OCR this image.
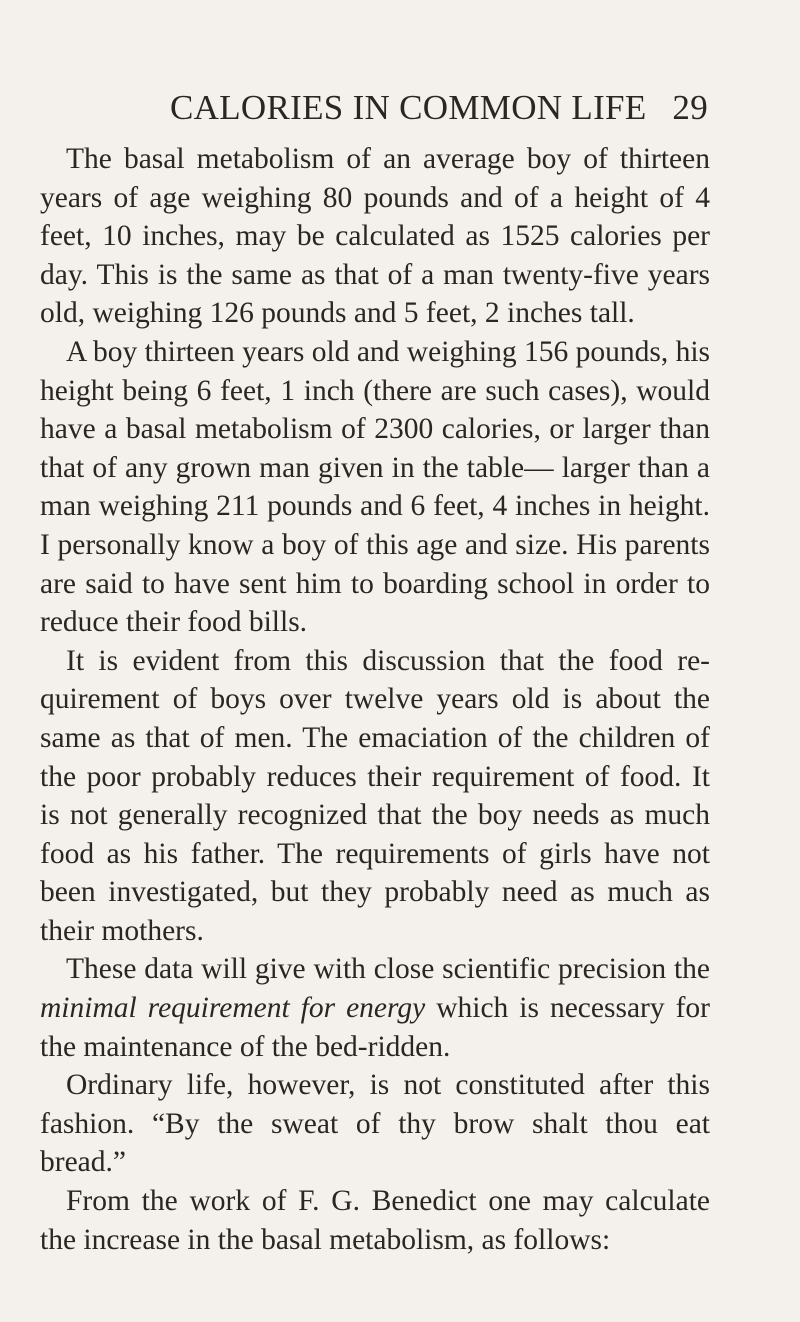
CALORIES IN COMMON LIFE 29

The basal metabolism of an average boy of thirteen years of age weighing 80 pounds and of a height of 4 feet, 10 inches, may be calculated as 1525 calories per day. This is the same as that of a man twenty-five years old, weighing 126 pounds and 5 feet, 2 inches tall.

A boy thirteen years old and weighing 156 pounds, his height being 6 feet, 1 inch (there are such cases), would have a basal metabolism of 2300 calories, or larger than that of any grown man given in the table— larger than a man weighing 211 pounds and 6 feet, 4 inches in height. I personally know a boy of this age and size. His parents are said to have sent him to boarding school in order to reduce their food bills.

It is evident from this discussion that the food re- quirement of boys over twelve years old is about the same as that of men. The emaciation of the children of the poor probably reduces their requirement of food. It is not generally recognized that the boy needs as much food as his father. The requirements of girls have not been investigated, but they probably need as much as their mothers.

These data will give with close scientific precision the minimal requirement for energy which is necessary for the maintenance of the bed-ridden.

Ordinary life, however, is not constituted after this fashion. “By the sweat of thy brow shalt thou eat bread.”

From the work of F. G. Benedict one may calculate the increase in the basal metabolism, as follows:
